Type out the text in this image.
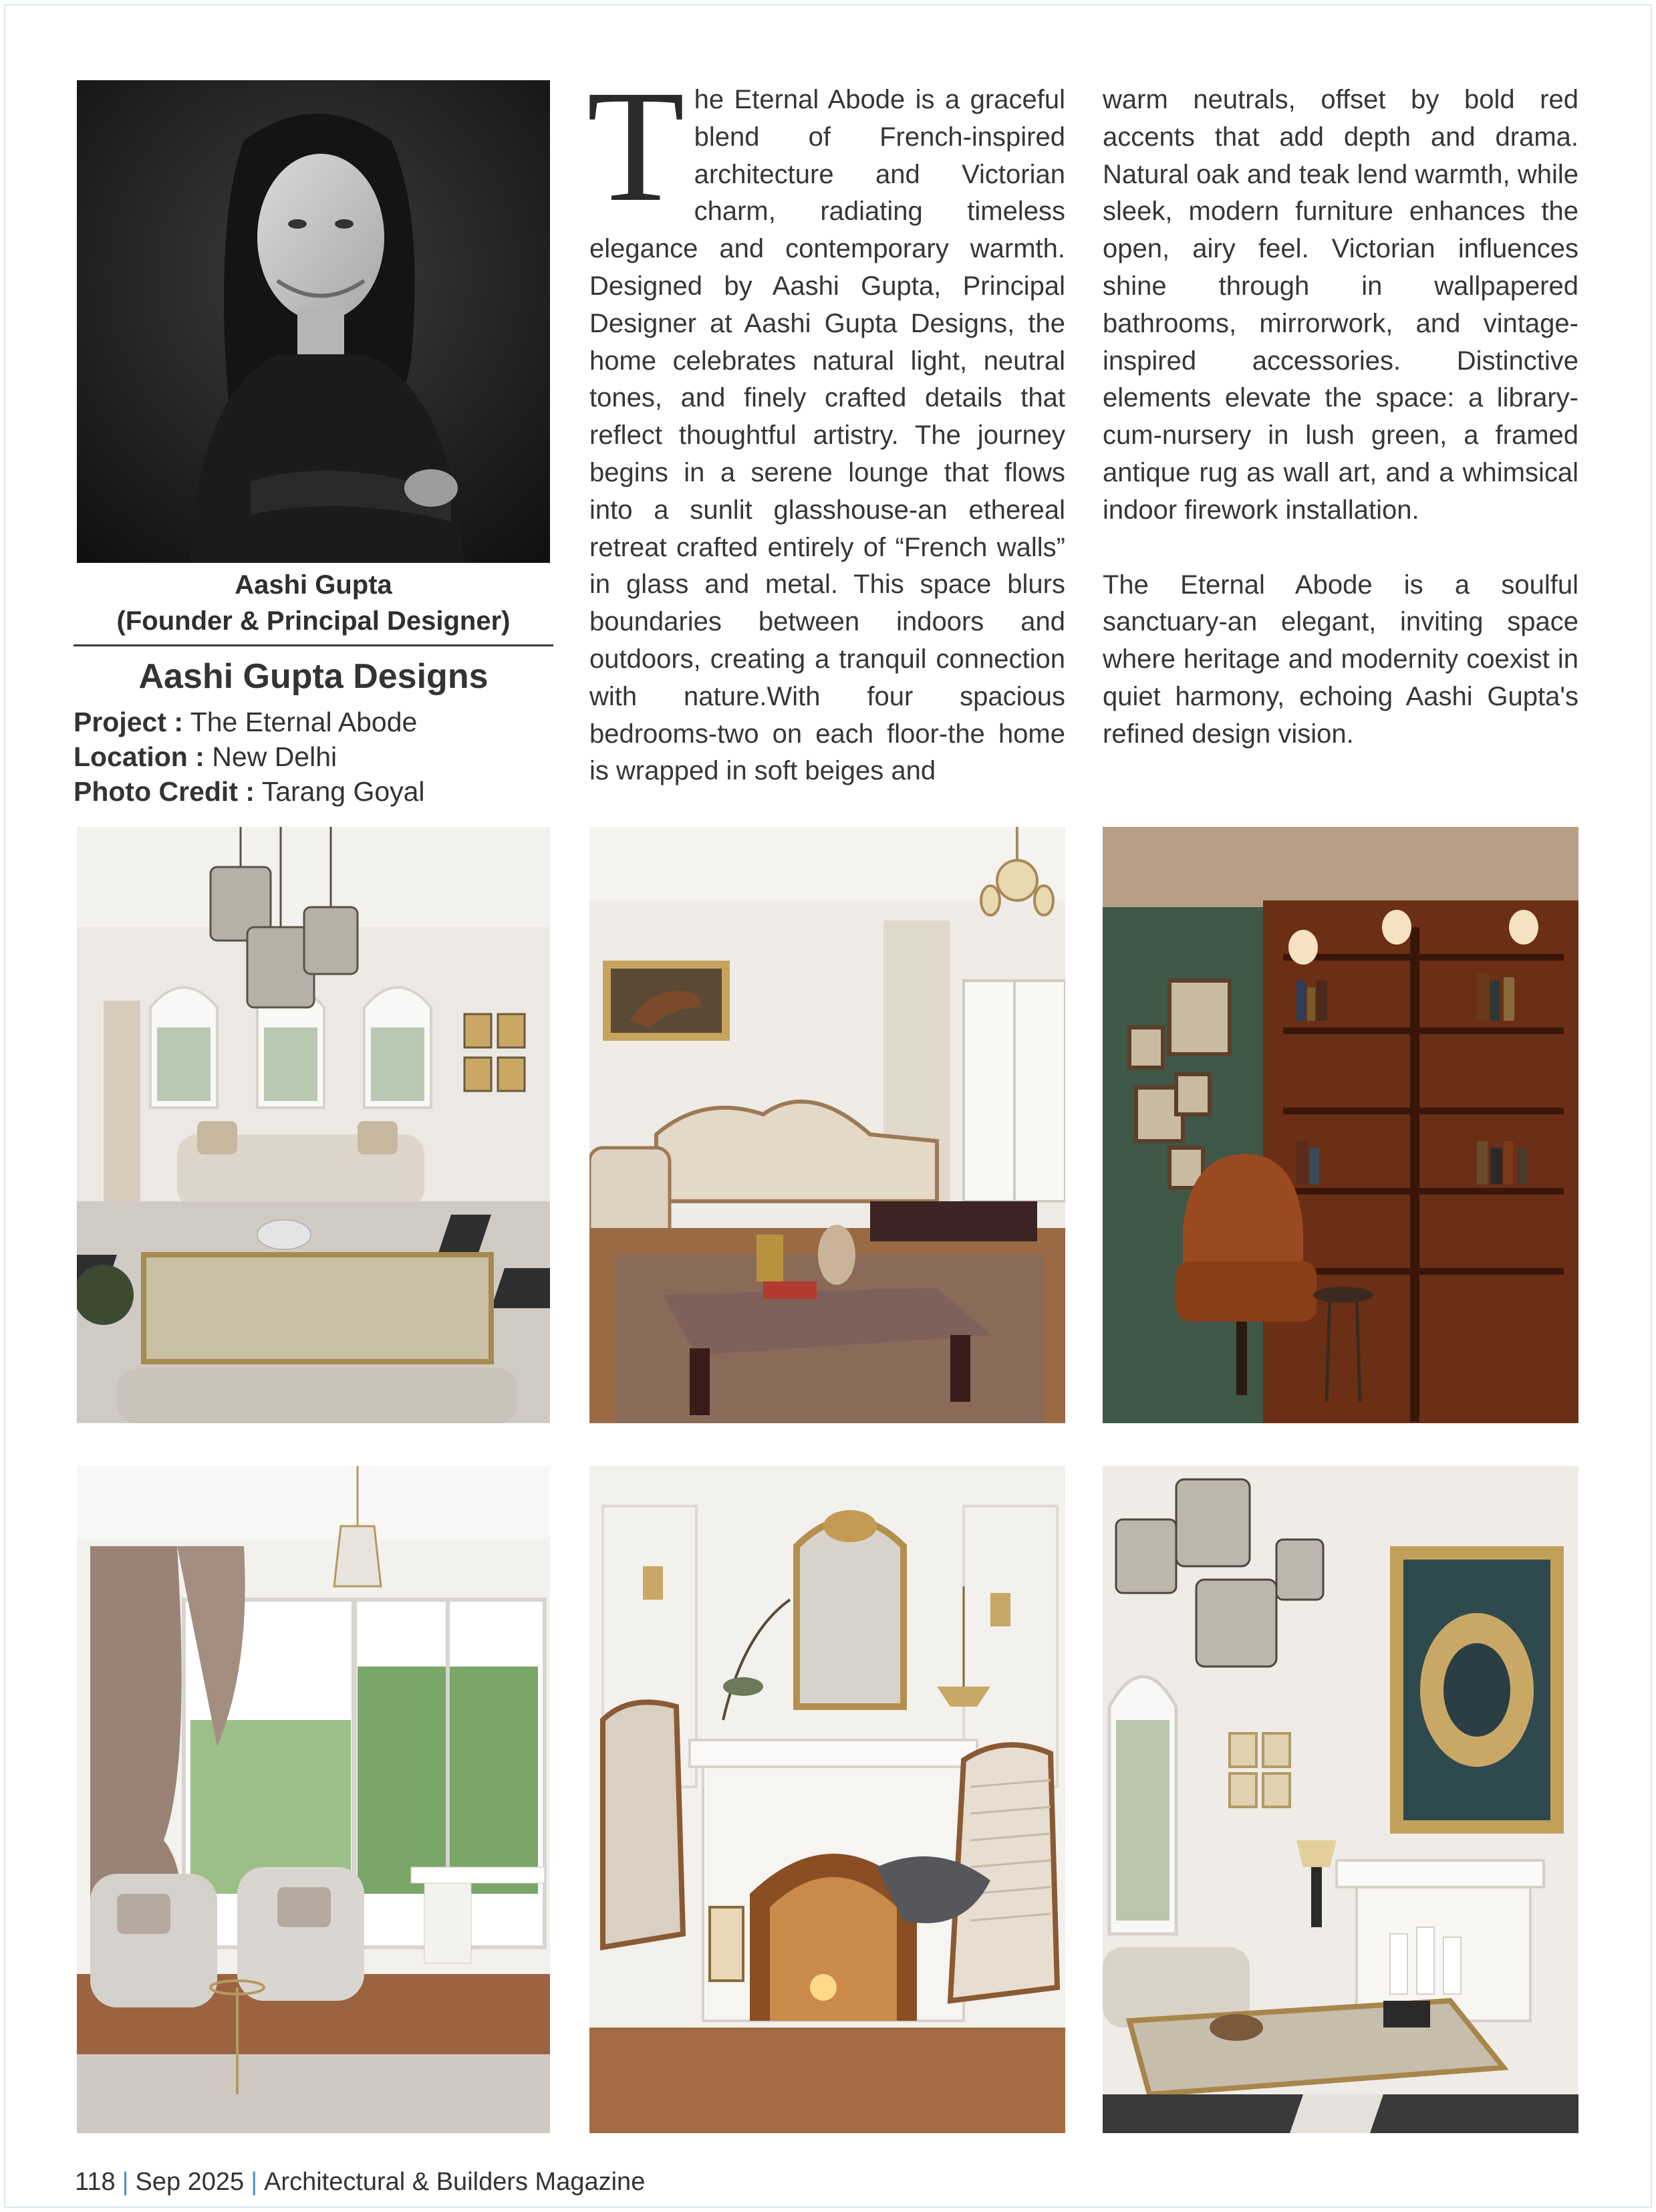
Aashi Gupta
(Founder & Principal Designer)
Aashi Gupta Designs
Project : The Eternal Abode
Location : New Delhi
Photo Credit : Tarang Goyal

The Eternal Abode is a graceful blend of French-inspired architecture and Victorian charm, radiating timeless elegance and contemporary warmth. Designed by Aashi Gupta, Principal Designer at Aashi Gupta Designs, the home celebrates natural light, neutral tones, and finely crafted details that reflect thoughtful artistry. The journey begins in a serene lounge that flows into a sunlit glasshouse-an ethereal retreat crafted entirely of “French walls” in glass and metal. This space blurs boundaries between indoors and outdoors, creating a tranquil connection with nature.With four spacious bedrooms-two on each floor-the home is wrapped in soft beiges and

warm neutrals, offset by bold red accents that add depth and drama. Natural oak and teak lend warmth, while sleek, modern furniture enhances the open, airy feel. Victorian influences shine through in wallpapered bathrooms, mirrorwork, and vintage-inspired accessories. Distinctive elements elevate the space: a library-cum-nursery in lush green, a framed antique rug as wall art, and a whimsical indoor firework installation.

The Eternal Abode is a soulful sanctuary-an elegant, inviting space where heritage and modernity coexist in quiet harmony, echoing Aashi Gupta's refined design vision.

118 | Sep 2025 | Architectural & Builders Magazine
